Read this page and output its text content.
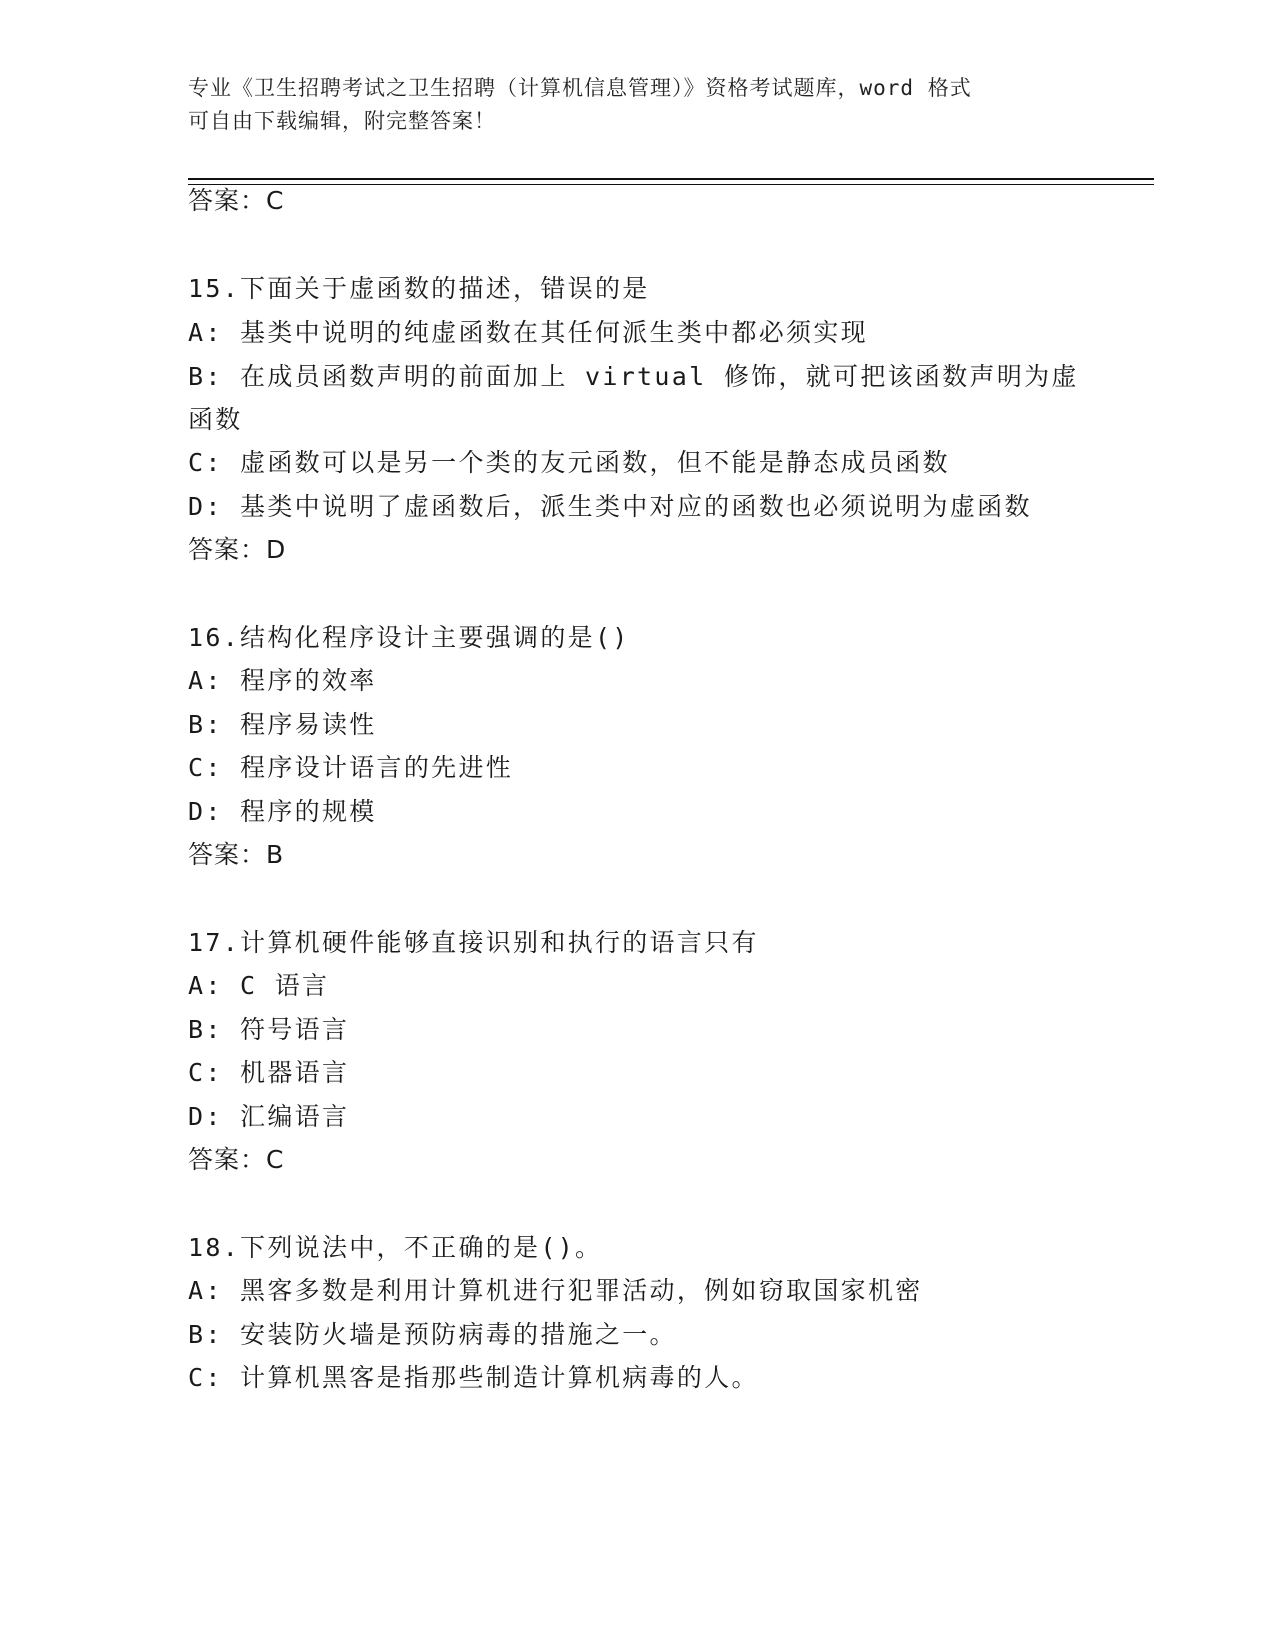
专业《卫生招聘考试之卫生招聘（计算机信息管理）》资格考试题库，word 格式
可自由下载编辑，附完整答案！
答案：C
15.下面关于虚函数的描述，错误的是
A: 基类中说明的纯虚函数在其任何派生类中都必须实现
B: 在成员函数声明的前面加上 virtual 修饰，就可把该函数声明为虚
函数
C: 虚函数可以是另一个类的友元函数，但不能是静态成员函数
D: 基类中说明了虚函数后，派生类中对应的函数也必须说明为虚函数
答案：D
16.结构化程序设计主要强调的是()
A: 程序的效率
B: 程序易读性
C: 程序设计语言的先进性
D: 程序的规模
答案：B
17.计算机硬件能够直接识别和执行的语言只有
A: C 语言
B: 符号语言
C: 机器语言
D: 汇编语言
答案：C
18.下列说法中，不正确的是()。
A: 黑客多数是利用计算机进行犯罪活动，例如窃取国家机密
B: 安装防火墙是预防病毒的措施之一。
C: 计算机黑客是指那些制造计算机病毒的人。
